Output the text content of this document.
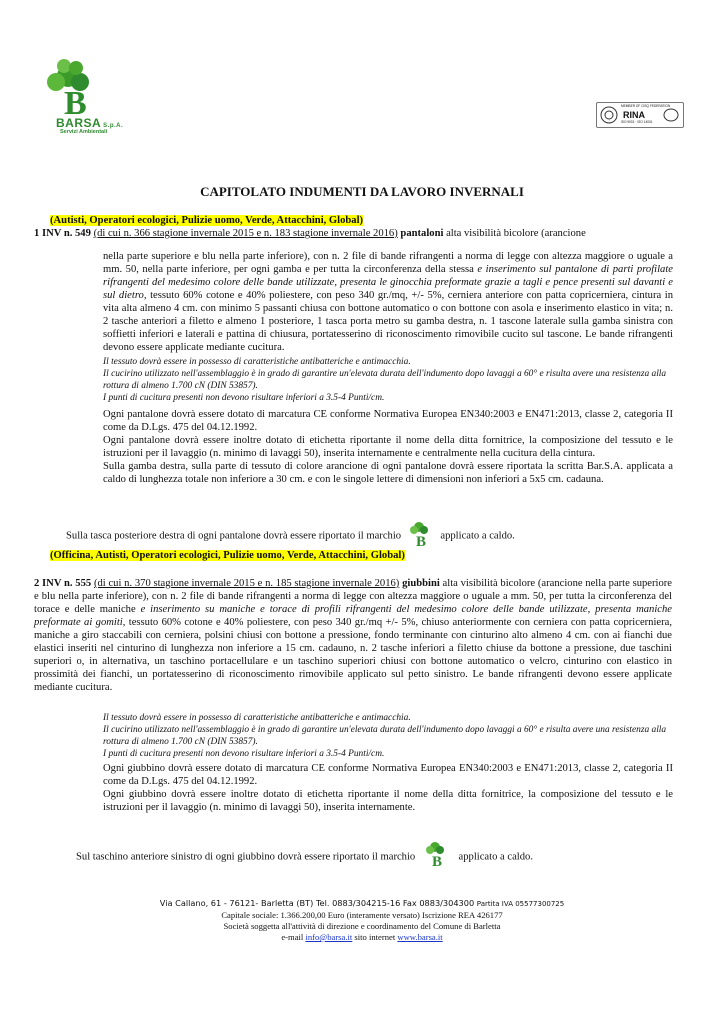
B
BARSA S.p.A.
Servizi Ambientali
MEMBER OF CISQ FEDERATION
RINA
ISO 9001 · ISO 14001
CAPITOLATO INDUMENTI DA LAVORO INVERNALI
(Autisti, Operatori ecologici, Pulizie uomo, Verde, Attacchini, Global)
1 INV n. 549 (di cui n. 366 stagione invernale 2015 e n. 183 stagione invernale 2016) pantaloni alta visibilità bicolore (arancione
nella parte superiore e blu nella parte inferiore), con n. 2 file di bande rifrangenti a norma di legge con altezza maggiore o uguale a mm. 50, nella parte inferiore, per ogni gamba e per tutta la circonferenza della stessa e inserimento sul pantalone di parti profilate rifrangenti del medesimo colore delle bande utilizzate, presenta le ginocchia preformate grazie a tagli e pence presenti sul davanti e sul dietro, tessuto 60% cotone e 40% poliestere, con peso 340 gr./mq, +/- 5%, cerniera anteriore con patta copricerniera, cintura in vita alta almeno 4 cm. con minimo 5 passanti chiusa con bottone automatico o con bottone con asola e inserimento elastico in vita; n. 2 tasche anteriori a filetto e almeno 1 posteriore, 1 tasca porta metro su gamba destra, n. 1 tascone laterale sulla gamba sinistra con soffietti inferiori e laterali e pattina di chiusura, portatesserino di riconoscimento rimovibile cucito sul tascone. Le bande rifrangenti devono essere applicate mediante cucitura.
Il tessuto dovrà essere in possesso di caratteristiche antibatteriche e antimacchia.
Il cucirino utilizzato nell'assemblaggio è in grado di garantire un'elevata durata dell'indumento dopo lavaggi a 60° e risulta avere una resistenza alla rottura di almeno 1.700 cN (DIN 53857).
I punti di cucitura presenti non devono risultare inferiori a 3.5-4 Punti/cm.
Ogni pantalone dovrà essere dotato di marcatura CE conforme Normativa Europea EN340:2003 e EN471:2013, classe 2, categoria II come da D.Lgs. 475 del 04.12.1992.
Ogni pantalone dovrà essere inoltre dotato di etichetta riportante il nome della ditta fornitrice, la composizione del tessuto e le istruzioni per il lavaggio (n. minimo di lavaggi 50), inserita internamente e centralmente nella cucitura della cintura.
Sulla gamba destra, sulla parte di tessuto di colore arancione di ogni pantalone dovrà essere riportata la scritta Bar.S.A. applicata a caldo di lunghezza totale non inferiore a 30 cm. e con le singole lettere di dimensioni non inferiori a 5x5 cm. cadauna.
Sulla tasca posteriore destra di ogni pantalone dovrà essere riportato il marchio B applicato a caldo.
(Officina, Autisti, Operatori ecologici, Pulizie uomo, Verde, Attacchini, Global)
2 INV n. 555 (di cui n. 370 stagione invernale 2015 e n. 185 stagione invernale 2016) giubbini alta visibilità bicolore (arancione nella parte superiore e blu nella parte inferiore), con n. 2 file di bande rifrangenti a norma di legge con altezza maggiore o uguale a mm. 50, per tutta la circonferenza del torace e delle maniche e inserimento su maniche e torace di profili rifrangenti del medesimo colore delle bande utilizzate, presenta maniche preformate ai gomiti, tessuto 60% cotone e 40% poliestere, con peso 340 gr./mq +/- 5%, chiuso anteriormente con cerniera con patta copricerniera, maniche a giro staccabili con cerniera, polsini chiusi con bottone a pressione, fondo terminante con cinturino alto almeno 4 cm. con ai fianchi due elastici inseriti nel cinturino di lunghezza non inferiore a 15 cm. cadauno, n. 2 tasche inferiori a filetto chiuse da bottone a pressione, due taschini superiori o, in alternativa, un taschino portacellulare e un taschino superiori chiusi con bottone automatico o velcro, cinturino con elastico in prossimità dei fianchi, un portatesserino di riconoscimento rimovibile applicato sul petto sinistro. Le bande rifrangenti devono essere applicate mediante cucitura.
Il tessuto dovrà essere in possesso di caratteristiche antibatteriche e antimacchia.
Il cucirino utilizzato nell'assemblaggio è in grado di garantire un'elevata durata dell'indumento dopo lavaggi a 60° e risulta avere una resistenza alla rottura di almeno 1.700 cN (DIN 53857).
I punti di cucitura presenti non devono risultare inferiori a 3.5-4 Punti/cm.
Ogni giubbino dovrà essere dotato di marcatura CE conforme Normativa Europea EN340:2003 e EN471:2013, classe 2, categoria II come da D.Lgs. 475 del 04.12.1992.
Ogni giubbino dovrà essere inoltre dotato di etichetta riportante il nome della ditta fornitrice, la composizione del tessuto e le istruzioni per il lavaggio (n. minimo di lavaggi 50), inserita internamente.
Sul taschino anteriore sinistro di ogni giubbino dovrà essere riportato il marchio B applicato a caldo.
Via Callano, 61 - 76121- Barletta (BT) Tel. 0883/304215-16 Fax 0883/304300 Partita IVA 05577300725
Capitale sociale: 1.366.200,00 Euro (interamente versato) Iscrizione REA 426177
Società soggetta all'attività di direzione e coordinamento del Comune di Barletta
e-mail info@barsa.it sito internet www.barsa.it
